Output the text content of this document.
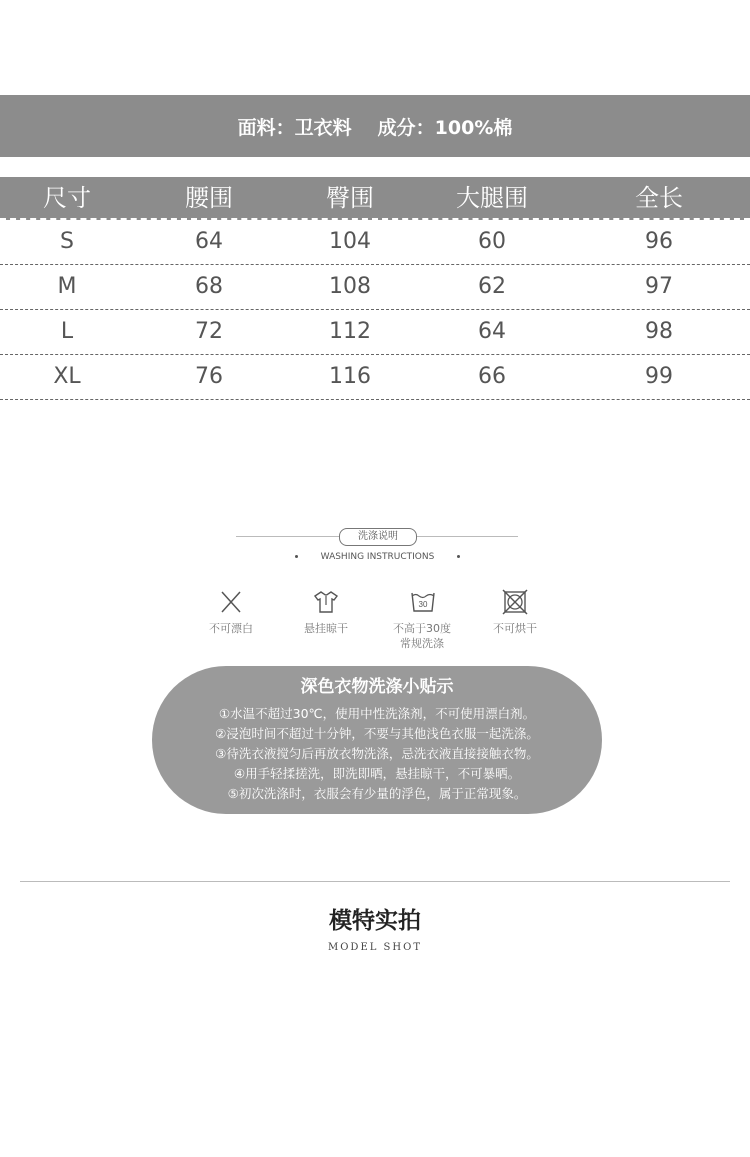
面料：卫衣料 成分：100%棉
尺寸	腰围	臀围	大腿围	全长
S	64	104	60	96
M	68	108	62	97
L	72	112	64	98
XL	76	116	66	99
洗涤说明
WASHING INSTRUCTIONS
不可漂白	悬挂晾干
30
不高于30度
常规洗涤
不可烘干
深色衣物洗涤小贴示
①水温不超过30℃，使用中性洗涤剂，不可使用漂白剂。
②浸泡时间不超过十分钟，不要与其他浅色衣服一起洗涤。
③待洗衣液搅匀后再放衣物洗涤，忌洗衣液直接接触衣物。
④用手轻揉搓洗，即洗即晒，悬挂晾干，不可暴晒。
⑤初次洗涤时，衣服会有少量的浮色，属于正常现象。
模特实拍
MODEL SHOT
